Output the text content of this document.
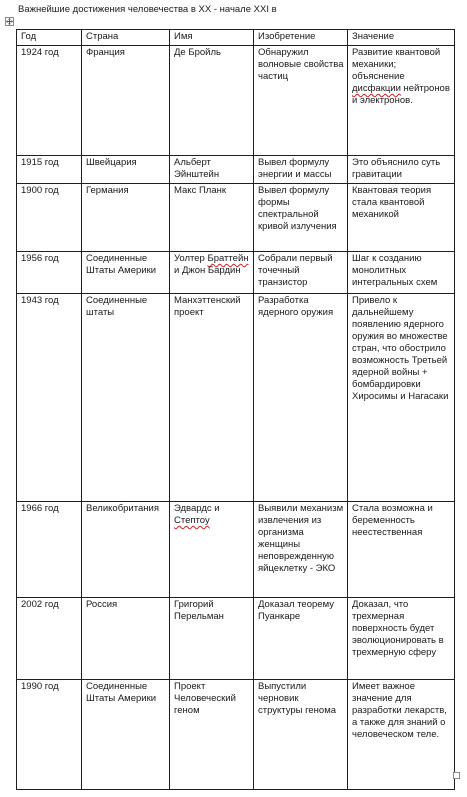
Важнейшие достижения человечества в XX - начале XXI в
Год	Страна	Имя	Изобретение	Значение
1924 год	Франция	Де Бройль	Обнаружил волновые свойства частиц	Развитие квантовой механики; объяснение дисфакции нейтронов и электронов.
1915 год	Швейцария	Альберт Эйнштейн	Вывел формулу энергии и массы	Это объяснило суть гравитации
1900 год	Германия	Макс Планк	Вывел формулу формы спектральной кривой излучения	Квантовая теория стала квантовой механикой
1956 год	Соединенные Штаты Америки	Уолтер Браттейн и Джон Бардин	Собрали первый точечный транзистор	Шаг к созданию монолитных интегральных схем
1943 год	Соединенные штаты	Манхэттенский проект	Разработка ядерного оружия	Привело к дальнейшему появлению ядерного оружия во множестве стран, что обострило возможность Третьей ядерной войны + бомбардировки Хиросимы и Нагасаки
1966 год	Великобритания	Эдвардс и Стептоу	Выявили механизм извлечения из организма женщины неповрежденную яйцеклетку - ЭКО	Стала возможна и беременность неестественная
2002 год	Россия	Григорий Перельман	Доказал теорему Пуанкаре	Доказал, что трехмерная поверхность будет эволюционировать в трехмерную сферу
1990 год	Соединенные Штаты Америки	Проект Человеческий геном	Выпустили черновик структуры генома	Имеет важное значение для разработки лекарств, а также для знаний о человеческом теле.
